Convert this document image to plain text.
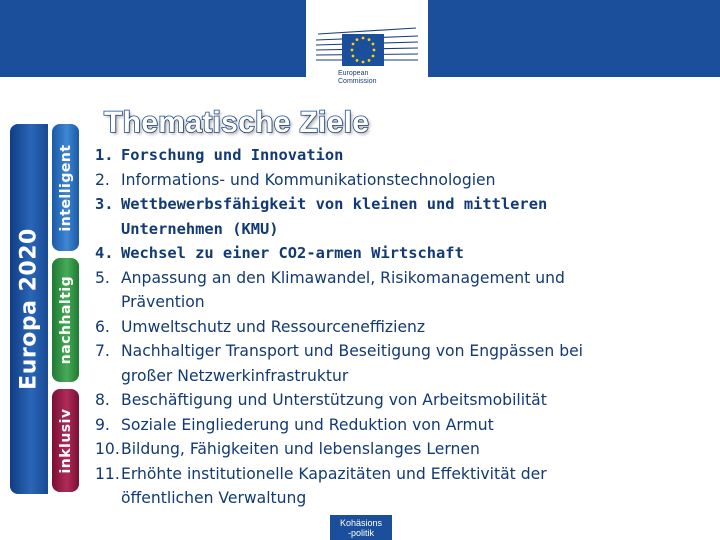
European
Commission
Thematische Ziele
Europa 2020
intelligent
nachhaltig
inklusiv
1. Forschung und Innovation
2. Informations- und Kommunikationstechnologien
3. Wettbewerbsfähigkeit von kleinen und mittleren
Unternehmen (KMU)
4. Wechsel zu einer CO2-armen Wirtschaft
5. Anpassung an den Klimawandel, Risikomanagement und
Prävention
6. Umweltschutz und Ressourceneffizienz
7. Nachhaltiger Transport und Beseitigung von Engpässen bei
großer Netzwerkinfrastruktur
8. Beschäftigung und Unterstützung von Arbeitsmobilität
9. Soziale Eingliederung und Reduktion von Armut
10. Bildung, Fähigkeiten und lebenslanges Lernen
11. Erhöhte institutionelle Kapazitäten und Effektivität der
öffentlichen Verwaltung
Kohäsions
-politik
